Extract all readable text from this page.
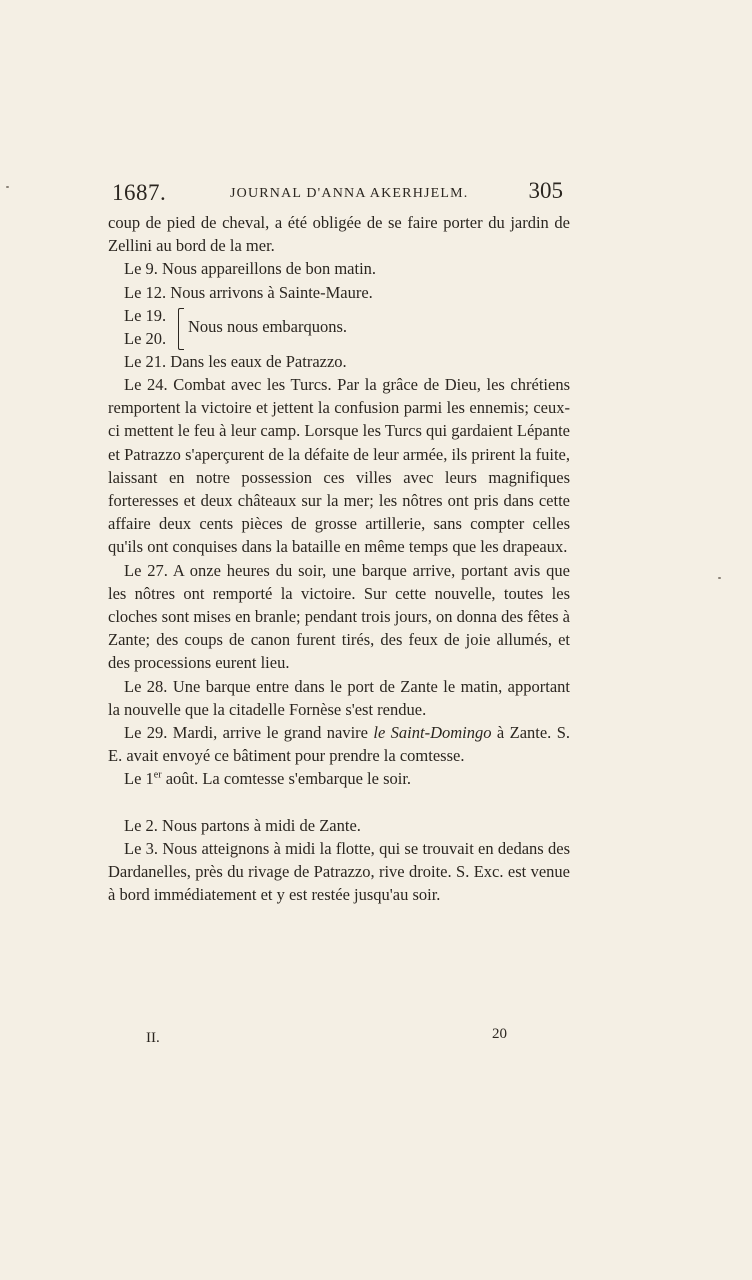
1687.	JOURNAL D'ANNA AKERHJELM.	305

coup de pied de cheval, a été obligée de se faire porter du jardin de Zellini au bord de la mer.

Le 9. Nous appareillons de bon matin.

Le 12. Nous arrivons à Sainte-Maure.

Le 19.
Le 20.
Nous nous embarquons.

Le 21. Dans les eaux de Patrazzo.

Le 24. Combat avec les Turcs. Par la grâce de Dieu, les chrétiens remportent la victoire et jettent la confusion parmi les ennemis; ceux-ci mettent le feu à leur camp. Lorsque les Turcs qui gardaient Lépante et Patrazzo s'aperçurent de la défaite de leur armée, ils prirent la fuite, laissant en notre possession ces villes avec leurs magnifiques forteresses et deux châteaux sur la mer; les nôtres ont pris dans cette affaire deux cents pièces de grosse artillerie, sans compter celles qu'ils ont conquises dans la bataille en même temps que les drapeaux.

Le 27. A onze heures du soir, une barque arrive, portant avis que les nôtres ont remporté la victoire. Sur cette nouvelle, toutes les cloches sont mises en branle; pendant trois jours, on donna des fêtes à Zante; des coups de canon furent tirés, des feux de joie allumés, et des processions eurent lieu.

Le 28. Une barque entre dans le port de Zante le matin, apportant la nouvelle que la citadelle Fornèse s'est rendue.

Le 29. Mardi, arrive le grand navire le Saint-Domingo à Zante. S. E. avait envoyé ce bâtiment pour prendre la comtesse.

Le 1er août. La comtesse s'embarque le soir.

Le 2. Nous partons à midi de Zante.

Le 3. Nous atteignons à midi la flotte, qui se trouvait en dedans des Dardanelles, près du rivage de Patrazzo, rive droite. S. Exc. est venue à bord immédiatement et y est restée jusqu'au soir.

II.	20
